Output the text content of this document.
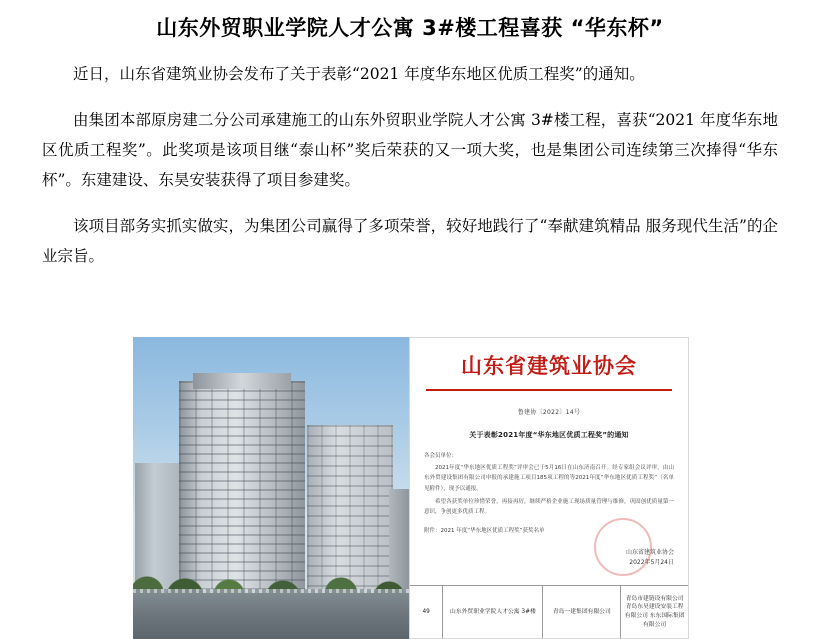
山东外贸职业学院人才公寓 3#楼工程喜获 “华东杯”

近日，山东省建筑业协会发布了关于表彰“2021 年度华东地区优质工程奖”的通知。

由集团本部原房建二分公司承建施工的山东外贸职业学院人才公寓 3#楼工程，喜获“2021 年度华东地区优质工程奖”。此奖项是该项目继“泰山杯”奖后荣获的又一项大奖，也是集团公司连续第三次捧得“华东杯”。东建建设、东昊安装获得了项目参建奖。

该项目部务实抓实做实，为集团公司赢得了多项荣誉，较好地践行了“奉献建筑精品 服务现代生活”的企业宗旨。

山东省建筑业协会
鲁建协〔2022〕14号
关于表彰2021年度“华东地区优质工程奖”的通知
各会员单位：

2021年度“华东地区优质工程奖”评审会已于5月16日在山东济南召开。经专家组会议评审，由山东外贸建设集团有限公司申报的承建施工项目185项工程的等2021年度“华东地区优质工程奖”（名单见附件），现予以通报。

希望各获奖单位珍惜荣誉，再接再厉，继续严格企业施工现场质量管理与维修，巩固创优质量第一意识，争创更多优质工程。

附件：2021 年度“华东地区优质工程奖”获奖名单
山东省建筑业协会
2022年5月24日
49	山东外贸职业学院人才公寓 3#楼	青岛一建集团有限公司
青岛市建链设有限公司 青岛东昊建设安装工程有限公司 东东国际集团有限公司
